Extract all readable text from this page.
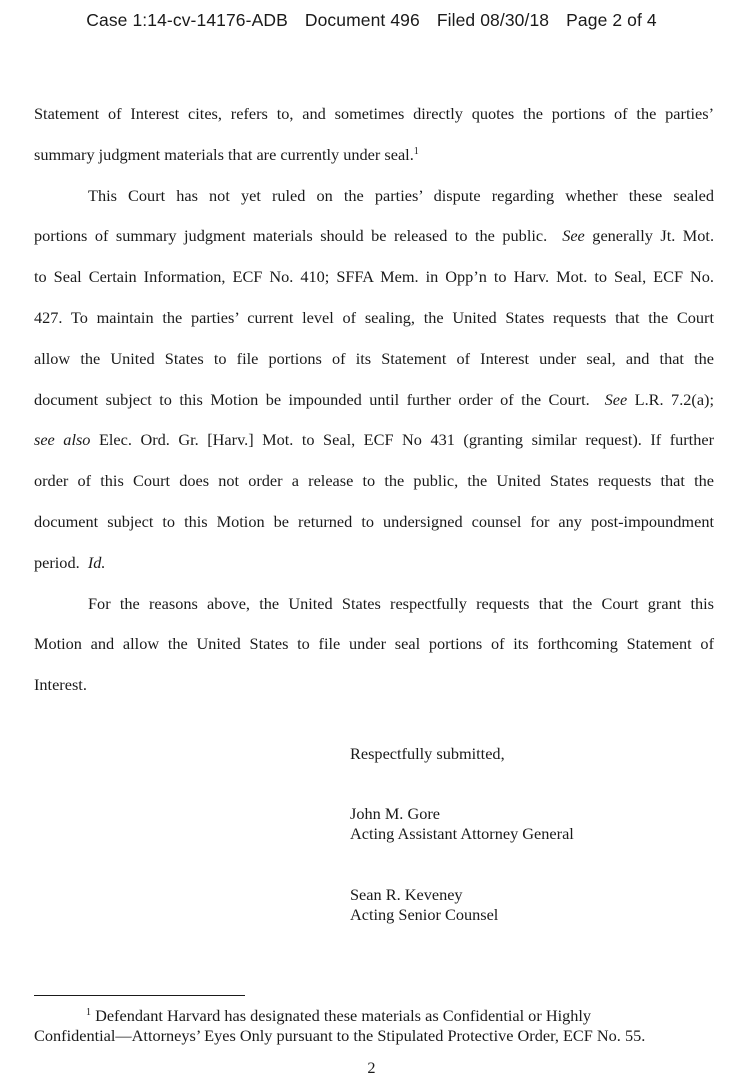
Case 1:14-cv-14176-ADB Document 496 Filed 08/30/18 Page 2 of 4

Statement of Interest cites, refers to, and sometimes directly quotes the portions of the parties’
summary judgment materials that are currently under seal.$^1$

This Court has not yet ruled on the parties’ dispute regarding whether these sealed
portions of summary judgment materials should be released to the public. See generally Jt. Mot.
to Seal Certain Information, ECF No. 410; SFFA Mem. in Opp’n to Harv. Mot. to Seal, ECF No.
427. To maintain the parties’ current level of sealing, the United States requests that the Court
allow the United States to file portions of its Statement of Interest under seal, and that the
document subject to this Motion be impounded until further order of the Court. See L.R. 7.2(a);
see also Elec. Ord. Gr. [Harv.] Mot. to Seal, ECF No 431 (granting similar request). If further
order of this Court does not order a release to the public, the United States requests that the
document subject to this Motion be returned to undersigned counsel for any post-impoundment
period. Id.

For the reasons above, the United States respectfully requests that the Court grant this
Motion and allow the United States to file under seal portions of its forthcoming Statement of
Interest.

Respectfully submitted,
John M. Gore
Acting Assistant Attorney General
Sean R. Keveney
Acting Senior Counsel
$^1$ Defendant Harvard has designated these materials as Confidential or Highly
Confidential—Attorneys’ Eyes Only pursuant to the Stipulated Protective Order, ECF No. 55.
2
